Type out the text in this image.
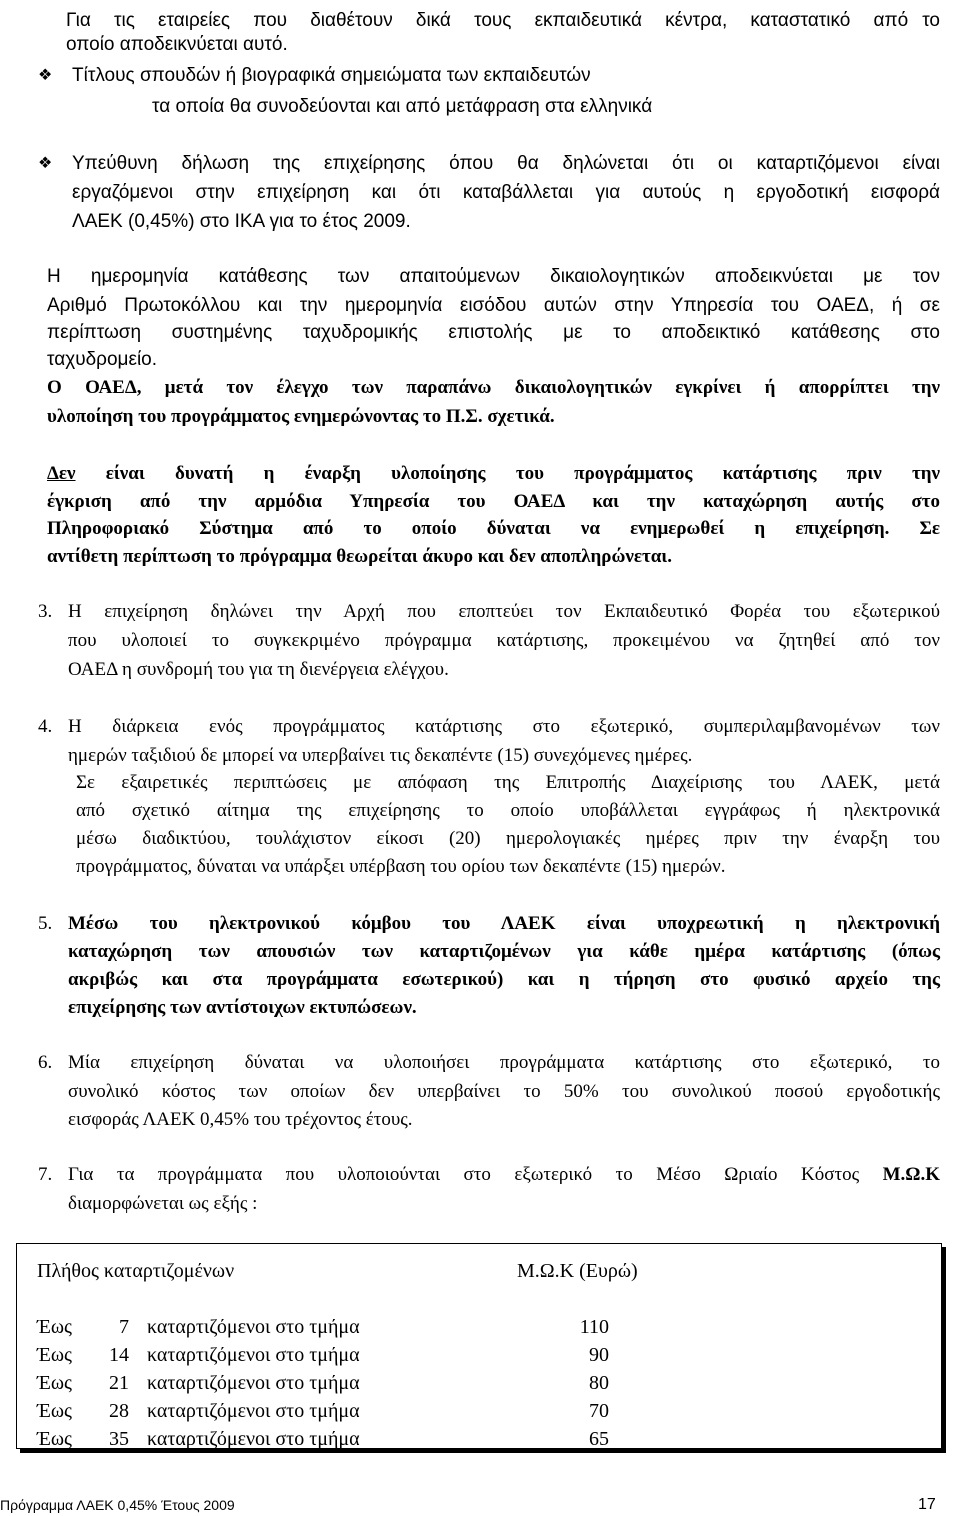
Για τις εταιρείες που διαθέτουν δικά τους εκπαιδευτικά κέντρα, καταστατικό από το
οποίο αποδεικνύεται αυτό.
❖ Τίτλους σπουδών ή βιογραφικά σημειώματα των εκπαιδευτών
τα οποία θα συνοδεύονται και από μετάφραση στα ελληνικά
❖ Υπεύθυνη δήλωση της επιχείρησης όπου θα δηλώνεται ότι οι καταρτιζόμενοι είναι
εργαζόμενοι στην επιχείρηση και ότι καταβάλλεται για αυτούς η εργοδοτική εισφορά
ΛΑΕΚ (0,45%) στο ΙΚΑ για το έτος 2009.
Η ημερομηνία κατάθεσης των απαιτούμενων δικαιολογητικών αποδεικνύεται με τον
Αριθμό Πρωτοκόλλου και την ημερομηνία εισόδου αυτών στην Υπηρεσία του ΟΑΕΔ, ή σε
περίπτωση συστημένης ταχυδρομικής επιστολής με το αποδεικτικό κατάθεσης στο
ταχυδρομείο.
Ο ΟΑΕΔ, μετά τον έλεγχο των παραπάνω δικαιολογητικών εγκρίνει ή απορρίπτει την
υλοποίηση του προγράμματος ενημερώνοντας το Π.Σ. σχετικά.
Δεν είναι δυνατή η έναρξη υλοποίησης του προγράμματος κατάρτισης πριν την
έγκριση από την αρμόδια Υπηρεσία του ΟΑΕΔ και την καταχώρηση αυτής στο
Πληροφοριακό Σύστημα από το οποίο δύναται να ενημερωθεί η επιχείρηση. Σε
αντίθετη περίπτωση το πρόγραμμα θεωρείται άκυρο και δεν αποπληρώνεται.
3. Η επιχείρηση δηλώνει την Αρχή που εποπτεύει τον Εκπαιδευτικό Φορέα του εξωτερικού
που υλοποιεί το συγκεκριμένο πρόγραμμα κατάρτισης, προκειμένου να ζητηθεί από τον
ΟΑΕΔ η συνδρομή του για τη διενέργεια ελέγχου.
4. Η διάρκεια ενός προγράμματος κατάρτισης στο εξωτερικό, συμπεριλαμβανομένων των
ημερών ταξιδιού δε μπορεί να υπερβαίνει τις δεκαπέντε (15) συνεχόμενες ημέρες.
Σε εξαιρετικές περιπτώσεις με απόφαση της Επιτροπής Διαχείρισης του ΛΑΕΚ, μετά
από σχετικό αίτημα της επιχείρησης το οποίο υποβάλλεται εγγράφως ή ηλεκτρονικά
μέσω διαδικτύου, τουλάχιστον είκοσι (20) ημερολογιακές ημέρες πριν την έναρξη του
προγράμματος, δύναται να υπάρξει υπέρβαση του ορίου των δεκαπέντε (15) ημερών.
5. Μέσω του ηλεκτρονικού κόμβου του ΛΑΕΚ είναι υποχρεωτική η ηλεκτρονική
καταχώρηση των απουσιών των καταρτιζομένων για κάθε ημέρα κατάρτισης (όπως
ακριβώς και στα προγράμματα εσωτερικού) και η τήρηση στο φυσικό αρχείο της
επιχείρησης των αντίστοιχων εκτυπώσεων.
6. Μία επιχείρηση δύναται να υλοποιήσει προγράμματα κατάρτισης στο εξωτερικό, το
συνολικό κόστος των οποίων δεν υπερβαίνει το 50% του συνολικού ποσού εργοδοτικής
εισφοράς ΛΑΕΚ 0,45% του τρέχοντος έτους.
7. Για τα προγράμματα που υλοποιούνται στο εξωτερικό το Μέσο Ωριαίο Κόστος Μ.Ω.Κ
διαμορφώνεται ως εξής :
Πλήθος καταρτιζομένων	Μ.Ω.Κ (Ευρώ)
Έως	7 καταρτιζόμενοι στο τμήμα	110
Έως	14 καταρτιζόμενοι στο τμήμα	90
Έως	21 καταρτιζόμενοι στο τμήμα	80
Έως	28 καταρτιζόμενοι στο τμήμα	70
Έως	35 καταρτιζόμενοι στο τμήμα	65
Πρόγραμμα ΛΑΕΚ 0,45% Έτους 2009	17
